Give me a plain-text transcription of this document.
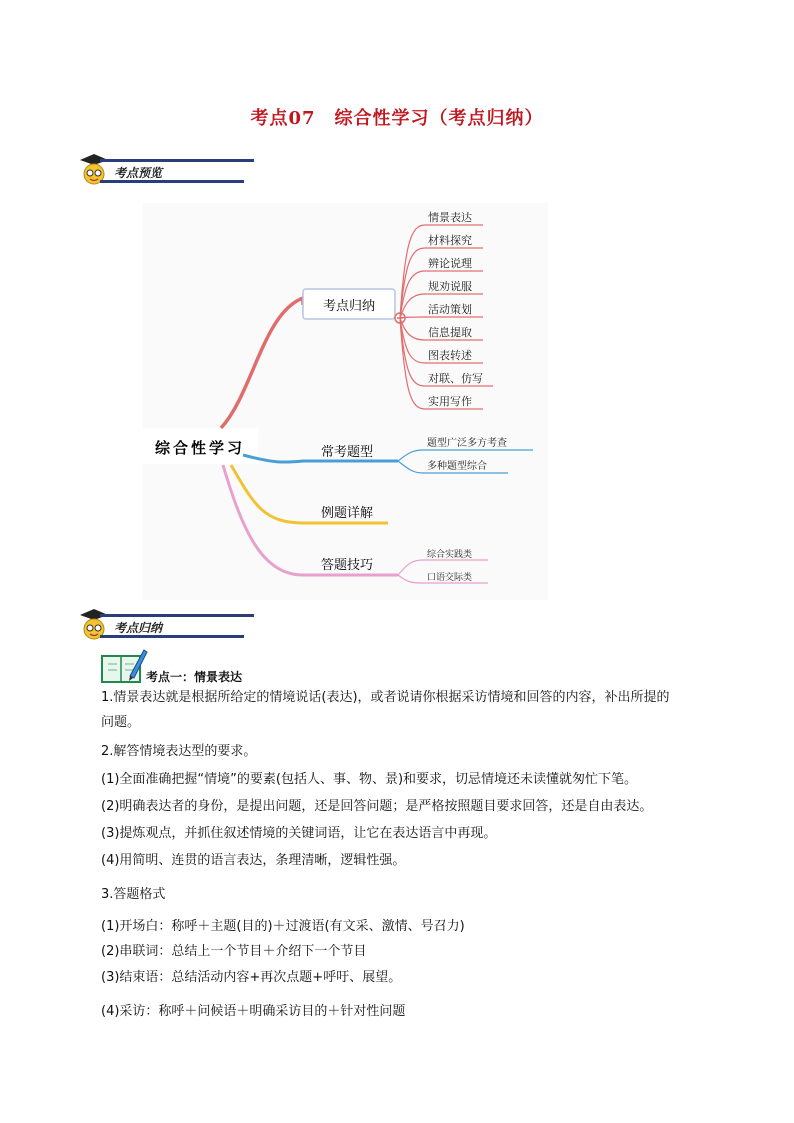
考点07　综合性学习（考点归纳）
考点预览
综合性学习
考点归纳
情景表达
材料探究
辨论说理
规劝说服
活动策划
信息提取
图表转述
对联、仿写
实用写作
常考题型
题型广泛多方考查
多种题型综合
例题详解
答题技巧
综合实践类
口语交际类
考点归纳
考点一：情景表达
1.情景表达就是根据所给定的情境说话(表达)，或者说请你根据采访情境和回答的内容，补出所提的
问题。
2.解答情境表达型的要求。
(1)全面准确把握“情境”的要素(包括人、事、物、景)和要求，切忌情境还未读懂就匆忙下笔。
(2)明确表达者的身份，是提出问题，还是回答问题；是严格按照题目要求回答，还是自由表达。
(3)提炼观点，并抓住叙述情境的关键词语，让它在表达语言中再现。
(4)用简明、连贯的语言表达，条理清晰，逻辑性强。
3.答题格式
(1)开场白：称呼＋主题(目的)＋过渡语(有文采、激情、号召力)
(2)串联词：总结上一个节目＋介绍下一个节目
(3)结束语：总结活动内容+再次点题+呼吁、展望。
(4)采访：称呼＋问候语＋明确采访目的＋针对性问题
